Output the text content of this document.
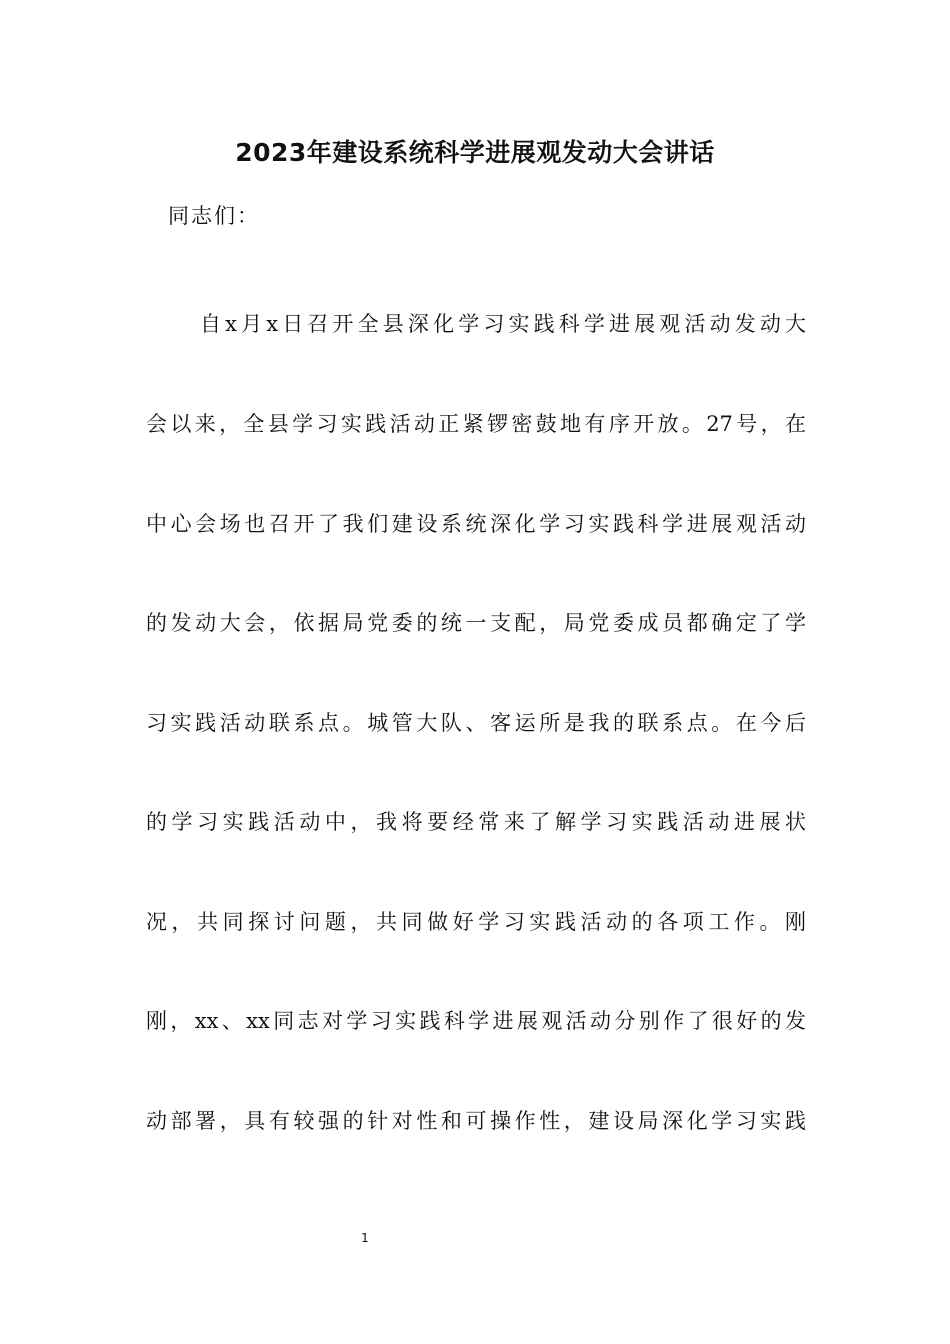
2023年建设系统科学进展观发动大会讲话
同志们：
自x月x日召开全县深化学习实践科学进展观活动发动大
会以来，全县学习实践活动正紧锣密鼓地有序开放。27号，在
中心会场也召开了我们建设系统深化学习实践科学进展观活动
的发动大会，依据局党委的统一支配，局党委成员都确定了学
习实践活动联系点。城管大队、客运所是我的联系点。在今后
的学习实践活动中，我将要经常来了解学习实践活动进展状
况，共同探讨问题，共同做好学习实践活动的各项工作。刚
刚，xx、xx同志对学习实践科学进展观活动分别作了很好的发
动部署，具有较强的针对性和可操作性，建设局深化学习实践
1
